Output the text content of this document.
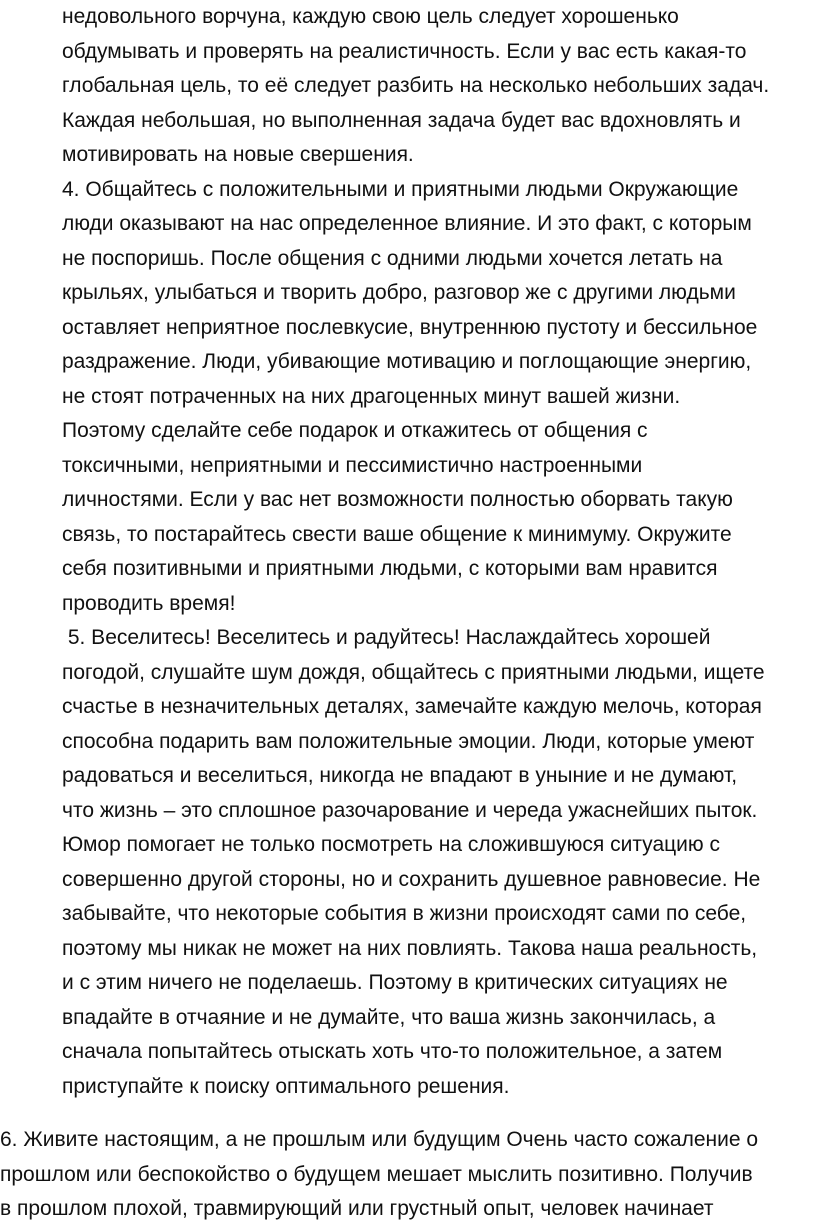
недовольного ворчуна, каждую свою цель следует хорошенько
обдумывать и проверять на реалистичность. Если у вас есть какая-то
глобальная цель, то её следует разбить на несколько небольших задач.
Каждая небольшая, но выполненная задача будет вас вдохновлять и
мотивировать на новые свершения.
4. Общайтесь с положительными и приятными людьми Окружающие
люди оказывают на нас определенное влияние. И это факт, с которым
не поспоришь. После общения с одними людьми хочется летать на
крыльях, улыбаться и творить добро, разговор же с другими людьми
оставляет неприятное послевкусие, внутреннюю пустоту и бессильное
раздражение. Люди, убивающие мотивацию и поглощающие энергию,
не стоят потраченных на них драгоценных минут вашей жизни.
Поэтому сделайте себе подарок и откажитесь от общения с
токсичными, неприятными и пессимистично настроенными
личностями. Если у вас нет возможности полностью оборвать такую
связь, то постарайтесь свести ваше общение к минимуму. Окружите
себя позитивными и приятными людьми, с которыми вам нравится
проводить время!
5. Веселитесь! Веселитесь и радуйтесь! Наслаждайтесь хорошей
погодой, слушайте шум дождя, общайтесь с приятными людьми, ищете
счастье в незначительных деталях, замечайте каждую мелочь, которая
способна подарить вам положительные эмоции. Люди, которые умеют
радоваться и веселиться, никогда не впадают в уныние и не думают,
что жизнь – это сплошное разочарование и череда ужаснейших пыток.
Юмор помогает не только посмотреть на сложившуюся ситуацию с
совершенно другой стороны, но и сохранить душевное равновесие. Не
забывайте, что некоторые события в жизни происходят сами по себе,
поэтому мы никак не может на них повлиять. Такова наша реальность,
и с этим ничего не поделаешь. Поэтому в критических ситуациях не
впадайте в отчаяние и не думайте, что ваша жизнь закончилась, а
сначала попытайтесь отыскать хоть что-то положительное, а затем
приступайте к поиску оптимального решения.
6. Живите настоящим, а не прошлым или будущим Очень часто сожаление о
прошлом или беспокойство о будущем мешает мыслить позитивно. Получив
в прошлом плохой, травмирующий или грустный опыт, человек начинает
